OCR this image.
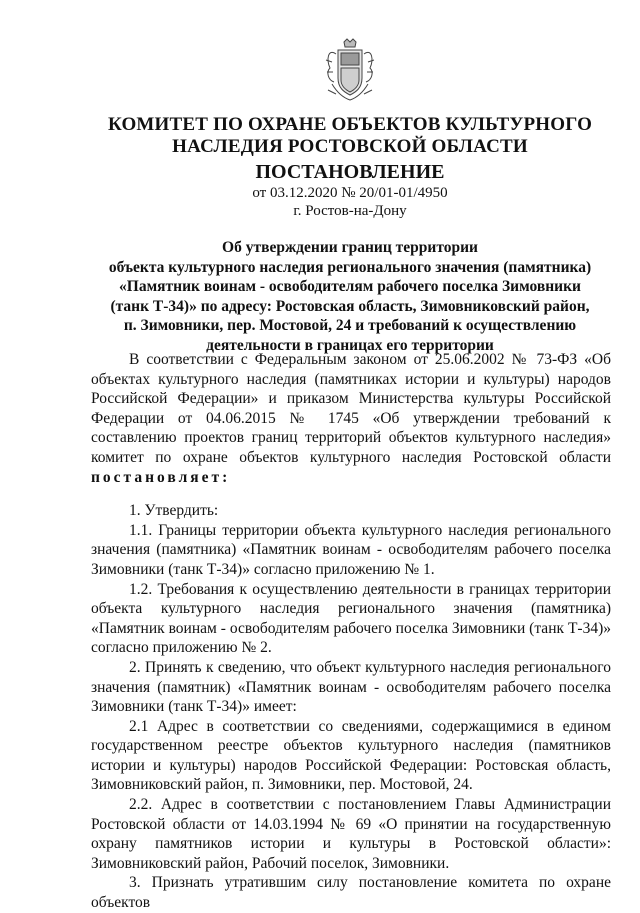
КОМИТЕТ ПО ОХРАНЕ ОБЪЕКТОВ КУЛЬТУРНОГО
НАСЛЕДИЯ РОСТОВСКОЙ ОБЛАСТИ
ПОСТАНОВЛЕНИЕ
от 03.12.2020 № 20/01-01/4950
г. Ростов-на-Дону
Об утверждении границ территории
объекта культурного наследия регионального значения (памятника)
«Памятник воинам - освободителям рабочего поселка Зимовники
(танк Т-34)» по адресу: Ростовская область, Зимовниковский район,
п. Зимовники, пер. Мостовой, 24 и требований к осуществлению
деятельности в границах его территории
В соответствии с Федеральным законом от 25.06.2002 № 73-ФЗ «Об объектах культурного наследия (памятниках истории и культуры) народов Российской Федерации» и приказом Министерства культуры Российской Федерации от 04.06.2015 № 1745 «Об утверждении требований к составлению проектов границ территорий объектов культурного наследия» комитет по охране объектов культурного наследия Ростовской области
постановляет:
1. Утвердить:
1.1. Границы территории объекта культурного наследия регионального значения (памятника) «Памятник воинам - освободителям рабочего поселка Зимовники (танк Т-34)» согласно приложению № 1.
1.2. Требования к осуществлению деятельности в границах территории объекта культурного наследия регионального значения (памятника) «Памятник воинам - освободителям рабочего поселка Зимовники (танк Т-34)» согласно приложению № 2.
2. Принять к сведению, что объект культурного наследия регионального значения (памятник) «Памятник воинам - освободителям рабочего поселка Зимовники (танк Т-34)» имеет:
2.1 Адрес в соответствии со сведениями, содержащимися в едином государственном реестре объектов культурного наследия (памятников истории и культуры) народов Российской Федерации: Ростовская область, Зимовниковский район, п. Зимовники, пер. Мостовой, 24.
2.2. Адрес в соответствии с постановлением Главы Администрации Ростовской области от 14.03.1994 № 69 «О принятии на государственную охрану памятников истории и культуры в Ростовской области»: Зимовниковский район, Рабочий поселок, Зимовники.
3. Признать утратившим силу постановление комитета по охране объектов
